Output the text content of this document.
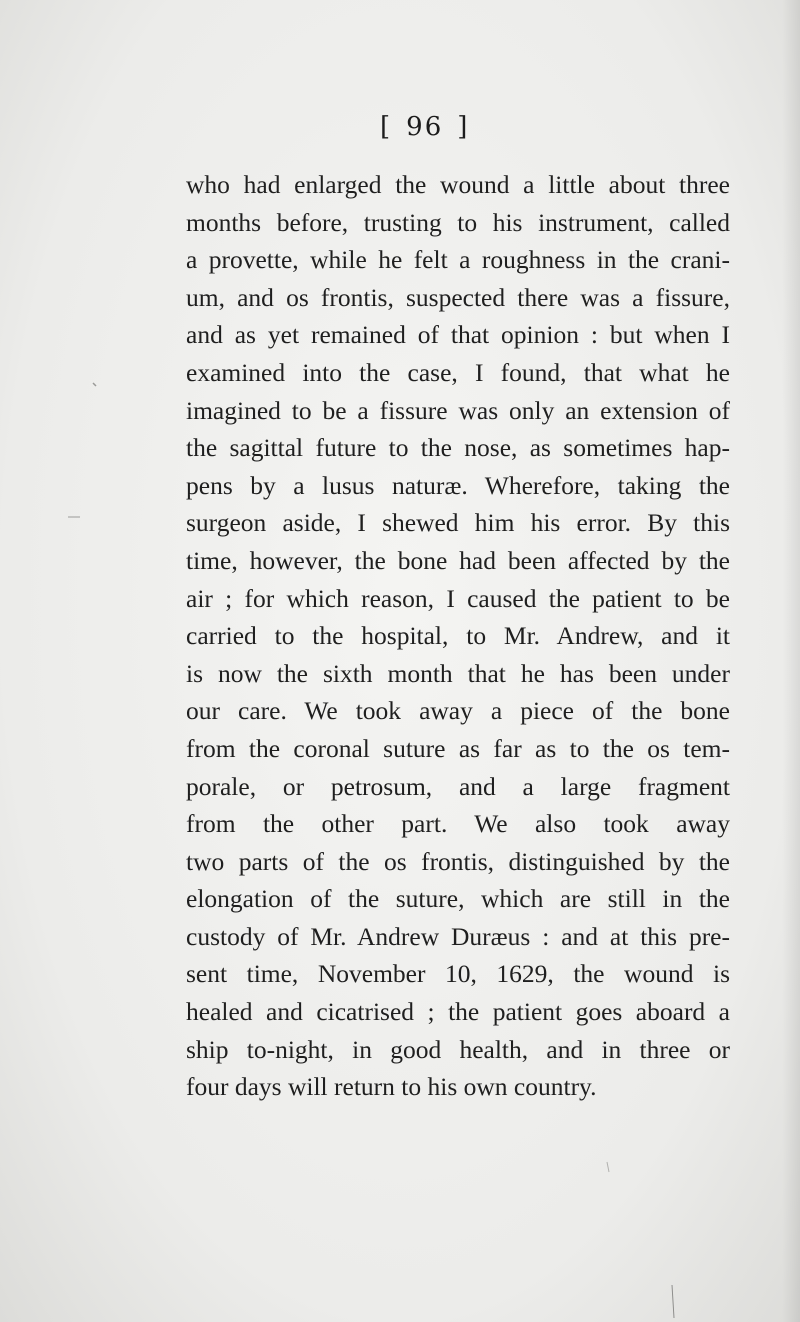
[ 96 ]
who had enlarged the wound a little about three
months before, trusting to his instrument, called
a provette, while he felt a roughness in the crani-
um, and os frontis, suspected there was a fissure,
and as yet remained of that opinion : but when I
examined into the case, I found, that what he
imagined to be a fissure was only an extension of
the sagittal future to the nose, as sometimes hap-
pens by a lusus naturæ. Wherefore, taking the
surgeon aside, I shewed him his error. By this
time, however, the bone had been affected by the
air ; for which reason, I caused the patient to be
carried to the hospital, to Mr. Andrew, and it
is now the sixth month that he has been under
our care. We took away a piece of the bone
from the coronal suture as far as to the os tem-
porale, or petrosum, and a large fragment
from the other part. We also took away
two parts of the os frontis, distinguished by the
elongation of the suture, which are still in the
custody of Mr. Andrew Duræus : and at this pre-
sent time, November 10, 1629, the wound is
healed and cicatrised ; the patient goes aboard a
ship to-night, in good health, and in three or
four days will return to his own country.
